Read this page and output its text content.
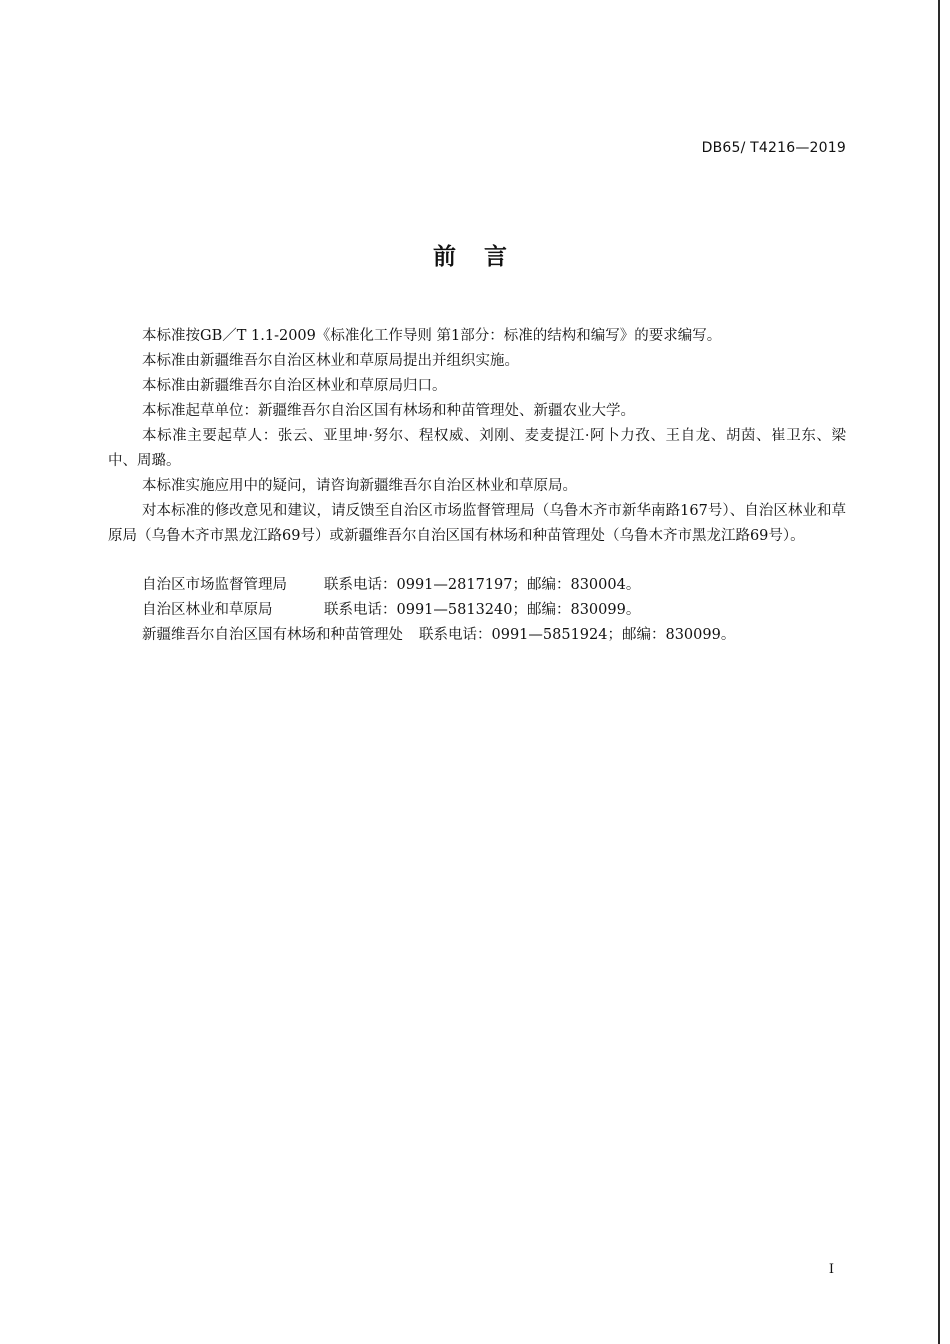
DB65/ T4216—2019
前 言

本标准按GB／T 1.1-2009《标准化工作导则 第1部分：标准的结构和编写》的要求编写。

本标准由新疆维吾尔自治区林业和草原局提出并组织实施。

本标准由新疆维吾尔自治区林业和草原局归口。

本标准起草单位：新疆维吾尔自治区国有林场和种苗管理处、新疆农业大学。

本标准主要起草人：张云、亚里坤·努尔、程权威、刘刚、麦麦提江·阿卜力孜、王自龙、胡茵、崔卫东、梁中、周璐。

本标准实施应用中的疑问，请咨询新疆维吾尔自治区林业和草原局。

对本标准的修改意见和建议，请反馈至自治区市场监督管理局（乌鲁木齐市新华南路167号）、自治区林业和草原局（乌鲁木齐市黑龙江路69号）或新疆维吾尔自治区国有林场和种苗管理处（乌鲁木齐市黑龙江路69号）。

自治区市场监督管理局	联系电话：0991—2817197；邮编：830004。
自治区林业和草原局	联系电话：0991—5813240；邮编：830099。
新疆维吾尔自治区国有林场和种苗管理处 联系电话：0991—5851924；邮编：830099。
I
